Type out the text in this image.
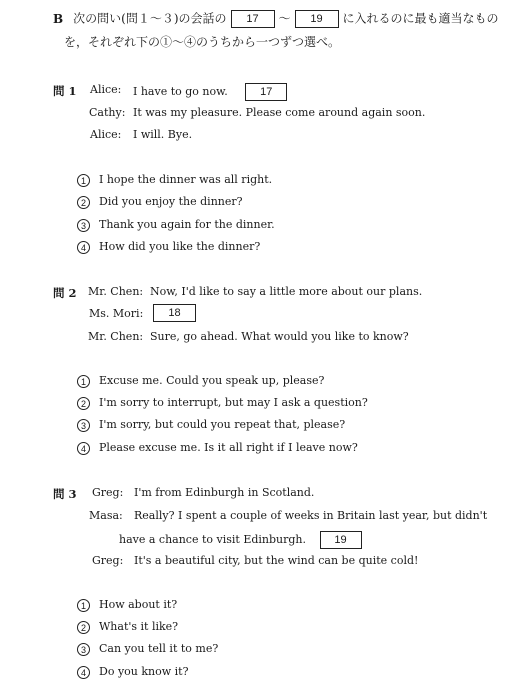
B 次の問い(問１～３)の会話の 17 ～ 19 に入れるのに最も適当なもの
を，それぞれ下の①～④のうちから一つずつ選べ。
問 1 Alice: I have to go now.	17
Cathy: It was my pleasure. Please come around again soon.
Alice: I will. Bye.
1 I hope the dinner was all right.
2 Did you enjoy the dinner?
3 Thank you again for the dinner.
4 How did you like the dinner?
問 2 Mr. Chen: Now, I'd like to say a little more about our plans.
Ms. Mori:	18
Mr. Chen: Sure, go ahead. What would you like to know?
1 Excuse me. Could you speak up, please?
2 I'm sorry to interrupt, but may I ask a question?
3 I'm sorry, but could you repeat that, please?
4 Please excuse me. Is it all right if I leave now?
問 3 Greg: I'm from Edinburgh in Scotland.
Masa: Really? I spent a couple of weeks in Britain last year, but didn't
have a chance to visit Edinburgh.	19
Greg: It's a beautiful city, but the wind can be quite cold!
1 How about it?
2 What's it like?
3 Can you tell it to me?
4 Do you know it?
